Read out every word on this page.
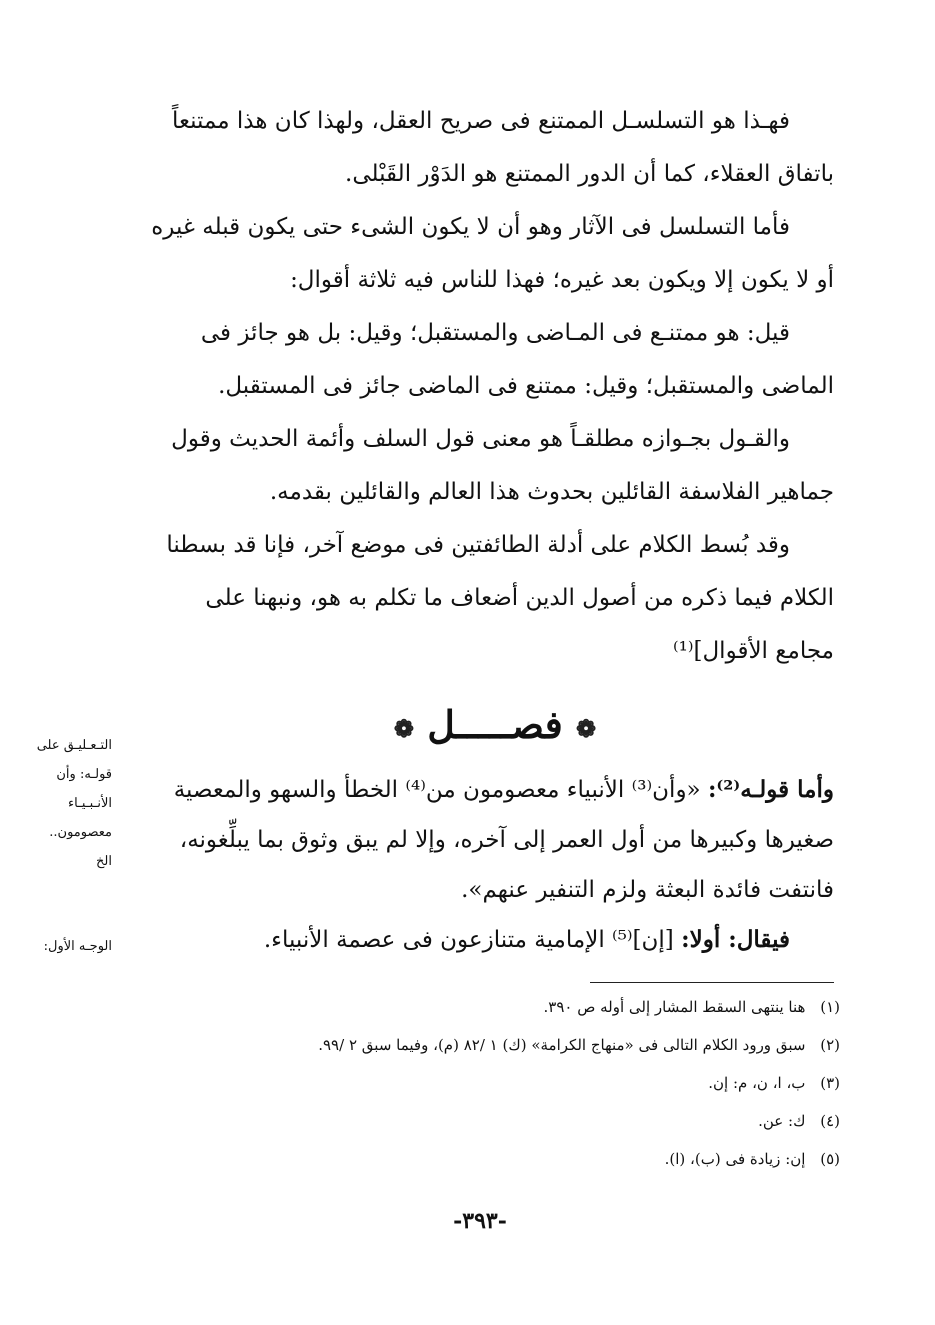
فهـذا هو التسلسـل الممتنع فى صريح العقل، ولهذا كان هذا ممتنعاً
باتفاق العقلاء، كما أن الدور الممتنع هو الدَوْر القَبْلى.
فأما التسلسل فى الآثار وهو أن لا يكون الشىء حتى يكون قبله غيره
أو لا يكون إلا ويكون بعد غيره؛ فهذا للناس فيه ثلاثة أقوال:
قيل: هو ممتنـع فى المـاضى والمستقبل؛ وقيل: بل هو جائز فى
الماضى والمستقبل؛ وقيل: ممتنع فى الماضى جائز فى المستقبل.
والقـول بجـوازه مطلقـاً هو معنى قول السلف وأئمة الحديث وقول
جماهير الفلاسفة القائلين بحدوث هذا العالم والقائلين بقدمه.
وقد بُسط الكلام على أدلة الطائفتين فى موضع آخر، فإنا قد بسطنا
الكلام فيما ذكره من أصول الدين أضعاف ما تكلم به هو، ونبهنا على
مجامع الأقوال]⁽¹⁾
❁ فصـــــل ❁
وأما قولـه⁽²⁾: «وأن⁽³⁾ الأنبياء معصومون من⁽⁴⁾ الخطأ والسهو والمعصية
صغيرها وكبيرها من أول العمر إلى آخره، وإلا لم يبق وثوق بما يبلِّغونه،
فانتفت فائدة البعثة ولزم التنفير عنهم».
فيقال: أولا: [إن]⁽⁵⁾ الإمامية متنازعون فى عصمة الأنبياء.
التـعـليـق على
قولـه: وأن
الأنـبـيـاء
معصومون..
الخ
الوجـه الأول:
(١) هنا ينتهى السقط المشار إلى أوله ص ٣٩٠.
(٢) سبق ورود الكلام التالى فى «منهاج الكرامة» (ك) ١ /٨٢ (م)، وفيما سبق ٢ /٩٩.
(٣) ب، ا، ن، م: إن.
(٤) ك: عن.
(٥) إن: زيادة فى (ب)، (ا).
-٣٩٣-
